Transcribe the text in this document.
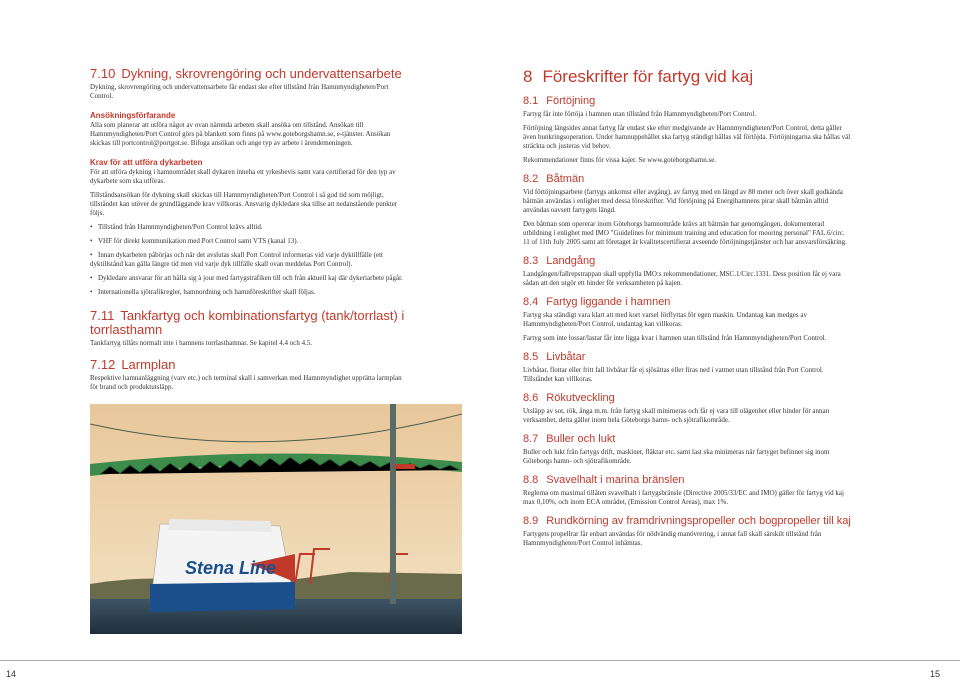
7.10 Dykning, skrovrengöring och undervattensarbete

Dykning, skrovrengöring och undervattensarbete får endast ske efter tillstånd från Hamnmyndigheten/Port Control.

Ansökningsförfarande

Alla som planerar att utföra något av ovan nämnda arbeten skall ansöka om tillstånd. Ansökan till Hamnmyndigheten/Port Control görs på blankett som finns på www.goteborgshamn.se, e-tjänster. Ansökan skickas till portcontrol@portgot.se. Bifoga ansökan och ange typ av arbete i ärendemeningen.

Krav för att utföra dykarbeten

För att utföra dykning i hamnområdet skall dykaren inneha ett yrkesbevis samt vara certifierad för den typ av dykarbete som ska utföras.

Tillståndsansökan för dykning skall skickas till Hamnmyndigheten/Port Control i så god tid som möjligt, tillståndet kan utöver de grundläggande krav villkoras. Ansvarig dykledare ska tillse att nedanstående punkter följs.

• Tillstånd från Hamnmyndigheten/Port Control krävs alltid.
• VHF för direkt kommunikation med Port Control samt VTS (kanal 13).
• Innan dykarbeten påbörjas och när det avslutas skall Port Control informeras vid varje dyktillfälle (ett dyktillstånd kan gälla längre tid men vid varje dyk tillfälle skall ovan meddelas Port Control).
• Dykledare ansvarar för att hålla sig à jour med fartygstrafiken till och från aktuell kaj där dykeriarbete pågår.
• Internationella sjötrafikregler, hamnordning och hamnföreskrifter skall följas.
7.11 Tankfartyg och kombinationsfartyg (tank/torrlast) i torrlasthamn

Tankfartyg tillåts normalt inte i hamnens torrlasthamnar. Se kapitel 4.4 och 4.5.

7.12 Larmplan

Respektive hamnanläggning (varv etc.) och terminal skall i samverkan med Hamnmyndighet upprätta larmplan för brand och produktutsläpp.

Stena Line
8 Föreskrifter för fartyg vid kaj
8.1 Förtöjning

Fartyg får inte förtöja i hamnen utan tillstånd från Hamnmyndigheten/Port Control.

Förtöjning längsides annat fartyg får endast ske efter medgivande av Hamnmyndigheten/Port Control, detta gäller även bunkringsoperation. Under hamnuppehållet ska fartyg ständigt hållas väl förtöjda. Förtöjningarna ska hållas väl sträckta och justeras vid behov.

Rekommendationer finns för vissa kajer. Se www.goteborgshamn.se.

8.2 Båtmän

Vid förtöjningsarbete (fartygs ankomst eller avgång), av fartyg med en längd av 80 meter och över skall godkända båtmän användas i enlighet med dessa föreskrifter. Vid förtöjning på Energihamnens pirar skall båtmän alltid användas oavsett fartygets längd.

Den båtman som opererar inom Göteborgs hamnområde krävs att båtmän har genomgången, dokumenterad utbildning i enlighet med IMO "Guidelines for minimum training and education for mooring personal" FAL.6/circ. 11 of 11th July 2005 samt att företaget är kvalitetscertifierat avseende förtöjningstjänster och har ansvarsförsäkring.

8.3 Landgång

Landgången/fallrepstrappan skall uppfylla IMO:s rekommendationer, MSC.1/Circ.1331. Dess position får ej vara sådan att den utgör ett hinder för verksamheten på kajen.

8.4 Fartyg liggande i hamnen

Fartyg ska ständigt vara klart att med kort varsel förflyttas för egen maskin. Undantag kan medges av Hamnmyndigheten/Port Control, undantag kan villkoras.

Fartyg som inte lossar/lastar får inte ligga kvar i hamnen utan tillstånd från Hamnmyndigheten/Port Control.

8.5 Livbåtar

Livbåtar, flottar eller fritt fall livbåtar får ej sjösättas eller firas ned i vattnet utan tillstånd från Port Control. Tillståndet kan villkoras.

8.6 Rökutveckling

Utsläpp av sot, rök, ånga m.m. från fartyg skall minimeras och får ej vara till olägenhet eller hinder för annan verksamhet, detta gäller inom hela Göteborgs hamn- och sjötrafikområde.

8.7 Buller och lukt

Buller och lukt från fartygs drift, maskiner, fläktar etc. samt last ska minimeras när fartyget befinner sig inom Göteborgs hamn- och sjötrafikområde.

8.8 Svavelhalt i marina bränslen

Reglerna om maximal tillåten svavelhalt i fartygsbränsle (Directive 2005/33/EC and IMO) gäller för fartyg vid kaj max 0,10%, och inom ECA området, (Emission Control Areas), max 1%.

8.9 Rundkörning av framdrivningspropeller och bogpropeller till kaj

Fartygets propellrar får enbart användas för nödvändig manövrering, i annat fall skall särskilt tillstånd från Hamnmyndigheten/Port Control inhämtas.

14	15
